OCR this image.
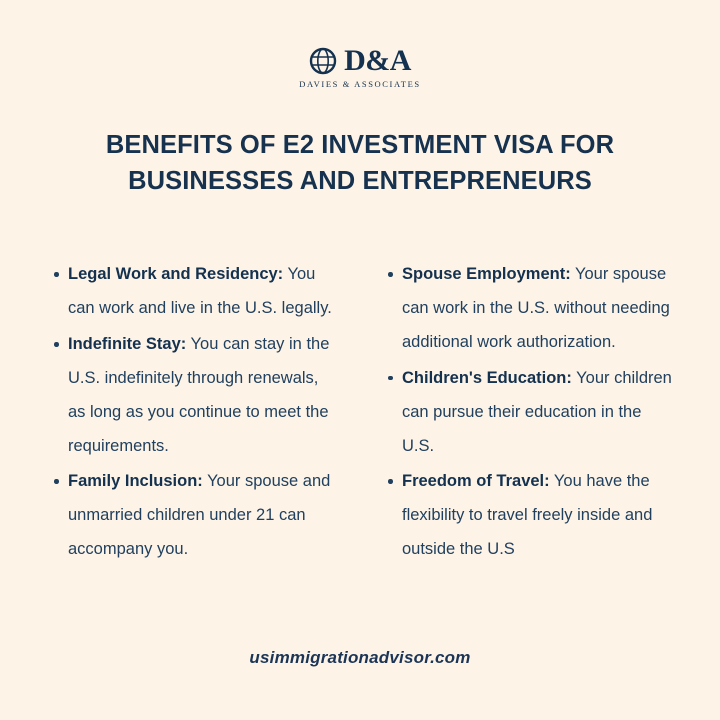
D&A
DAVIES & ASSOCIATES
BENEFITS OF E2 INVESTMENT VISA FOR BUSINESSES AND ENTREPRENEURS
Legal Work and Residency: You can work and live in the U.S. legally.
Indefinite Stay: You can stay in the U.S. indefinitely through renewals, as long as you continue to meet the requirements.
Family Inclusion: Your spouse and unmarried children under 21 can accompany you.
Spouse Employment: Your spouse can work in the U.S. without needing additional work authorization.
Children's Education: Your children can pursue their education in the U.S.
Freedom of Travel: You have the flexibility to travel freely inside and outside the U.S
usimmigrationadvisor.com
